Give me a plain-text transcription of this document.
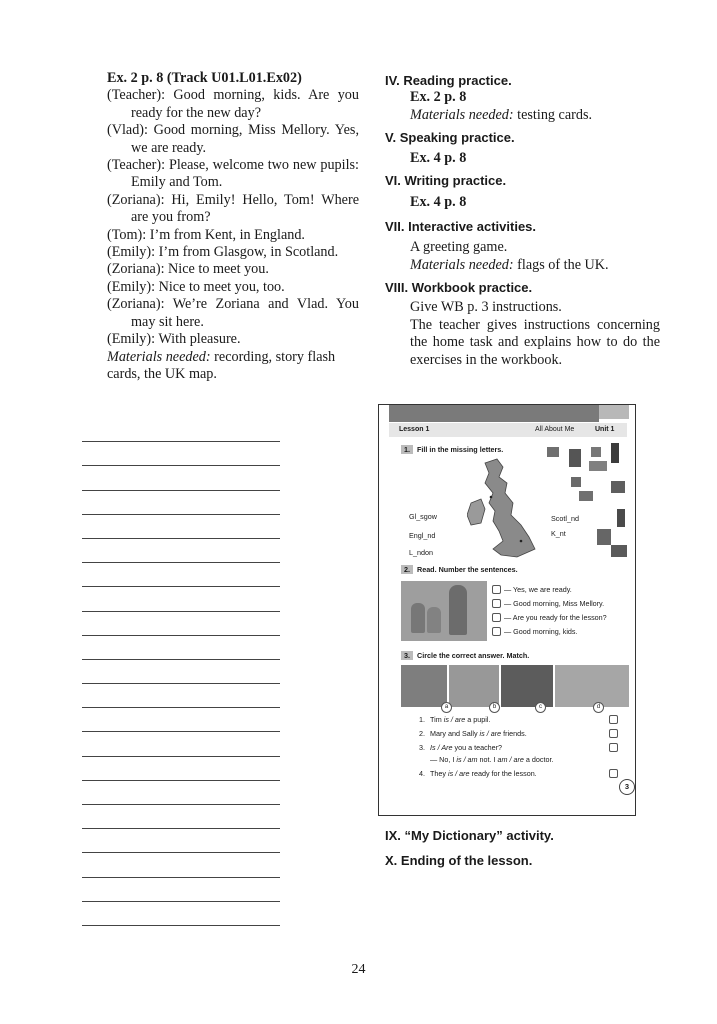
Ex. 2 p. 8 (Track U01.L01.Ex02)
(Teacher): Good morning, kids. Are you ready for the new day?
(Vlad): Good morning, Miss Mellory. Yes, we are ready.
(Teacher): Please, welcome two new pupils: Emily and Tom.
(Zoriana): Hi, Emily! Hello, Tom! Where are you from?
(Tom): I’m from Kent, in England.
(Emily): I’m from Glasgow, in Scotland.
(Zoriana): Nice to meet you.
(Emily): Nice to meet you, too.
(Zoriana): We’re Zoriana and Vlad. You may sit here.
(Emily): With pleasure.
Materials needed: recording, story flash cards, the UK map.
IV. Reading practice.
Ex. 2 p. 8
Materials needed: testing cards.
V. Speaking practice.
Ex. 4 p. 8
VI. Writing practice.
Ex. 4 p. 8
VII. Interactive activities.
A greeting game.
Materials needed: flags of the UK.
VIII. Workbook practice.
Give WB p. 3 instructions.
The teacher gives instructions concerning the home task and explains how to do the exercises in the workbook.
Lesson 1	All About Me	Unit 1
1. Fill in the missing letters.
Gl_sgow
Engl_nd
L_ndon
Scotl_nd
K_nt
2. Read. Number the sentences.
3. Circle the correct answer. Match.
a	b	c	d
3
— Yes, we are ready.
— Good morning, Miss Mellory.
— Are you ready for the lesson?
— Good morning, kids.
1. Tim is / are a pupil.
2. Mary and Sally is / are friends.
3. Is / Are you a teacher?
4. They is / are ready for the lesson.
— No, I is / am not. I am / are a doctor.
IX. “My Dictionary” activity.
X. Ending of the lesson.
24
